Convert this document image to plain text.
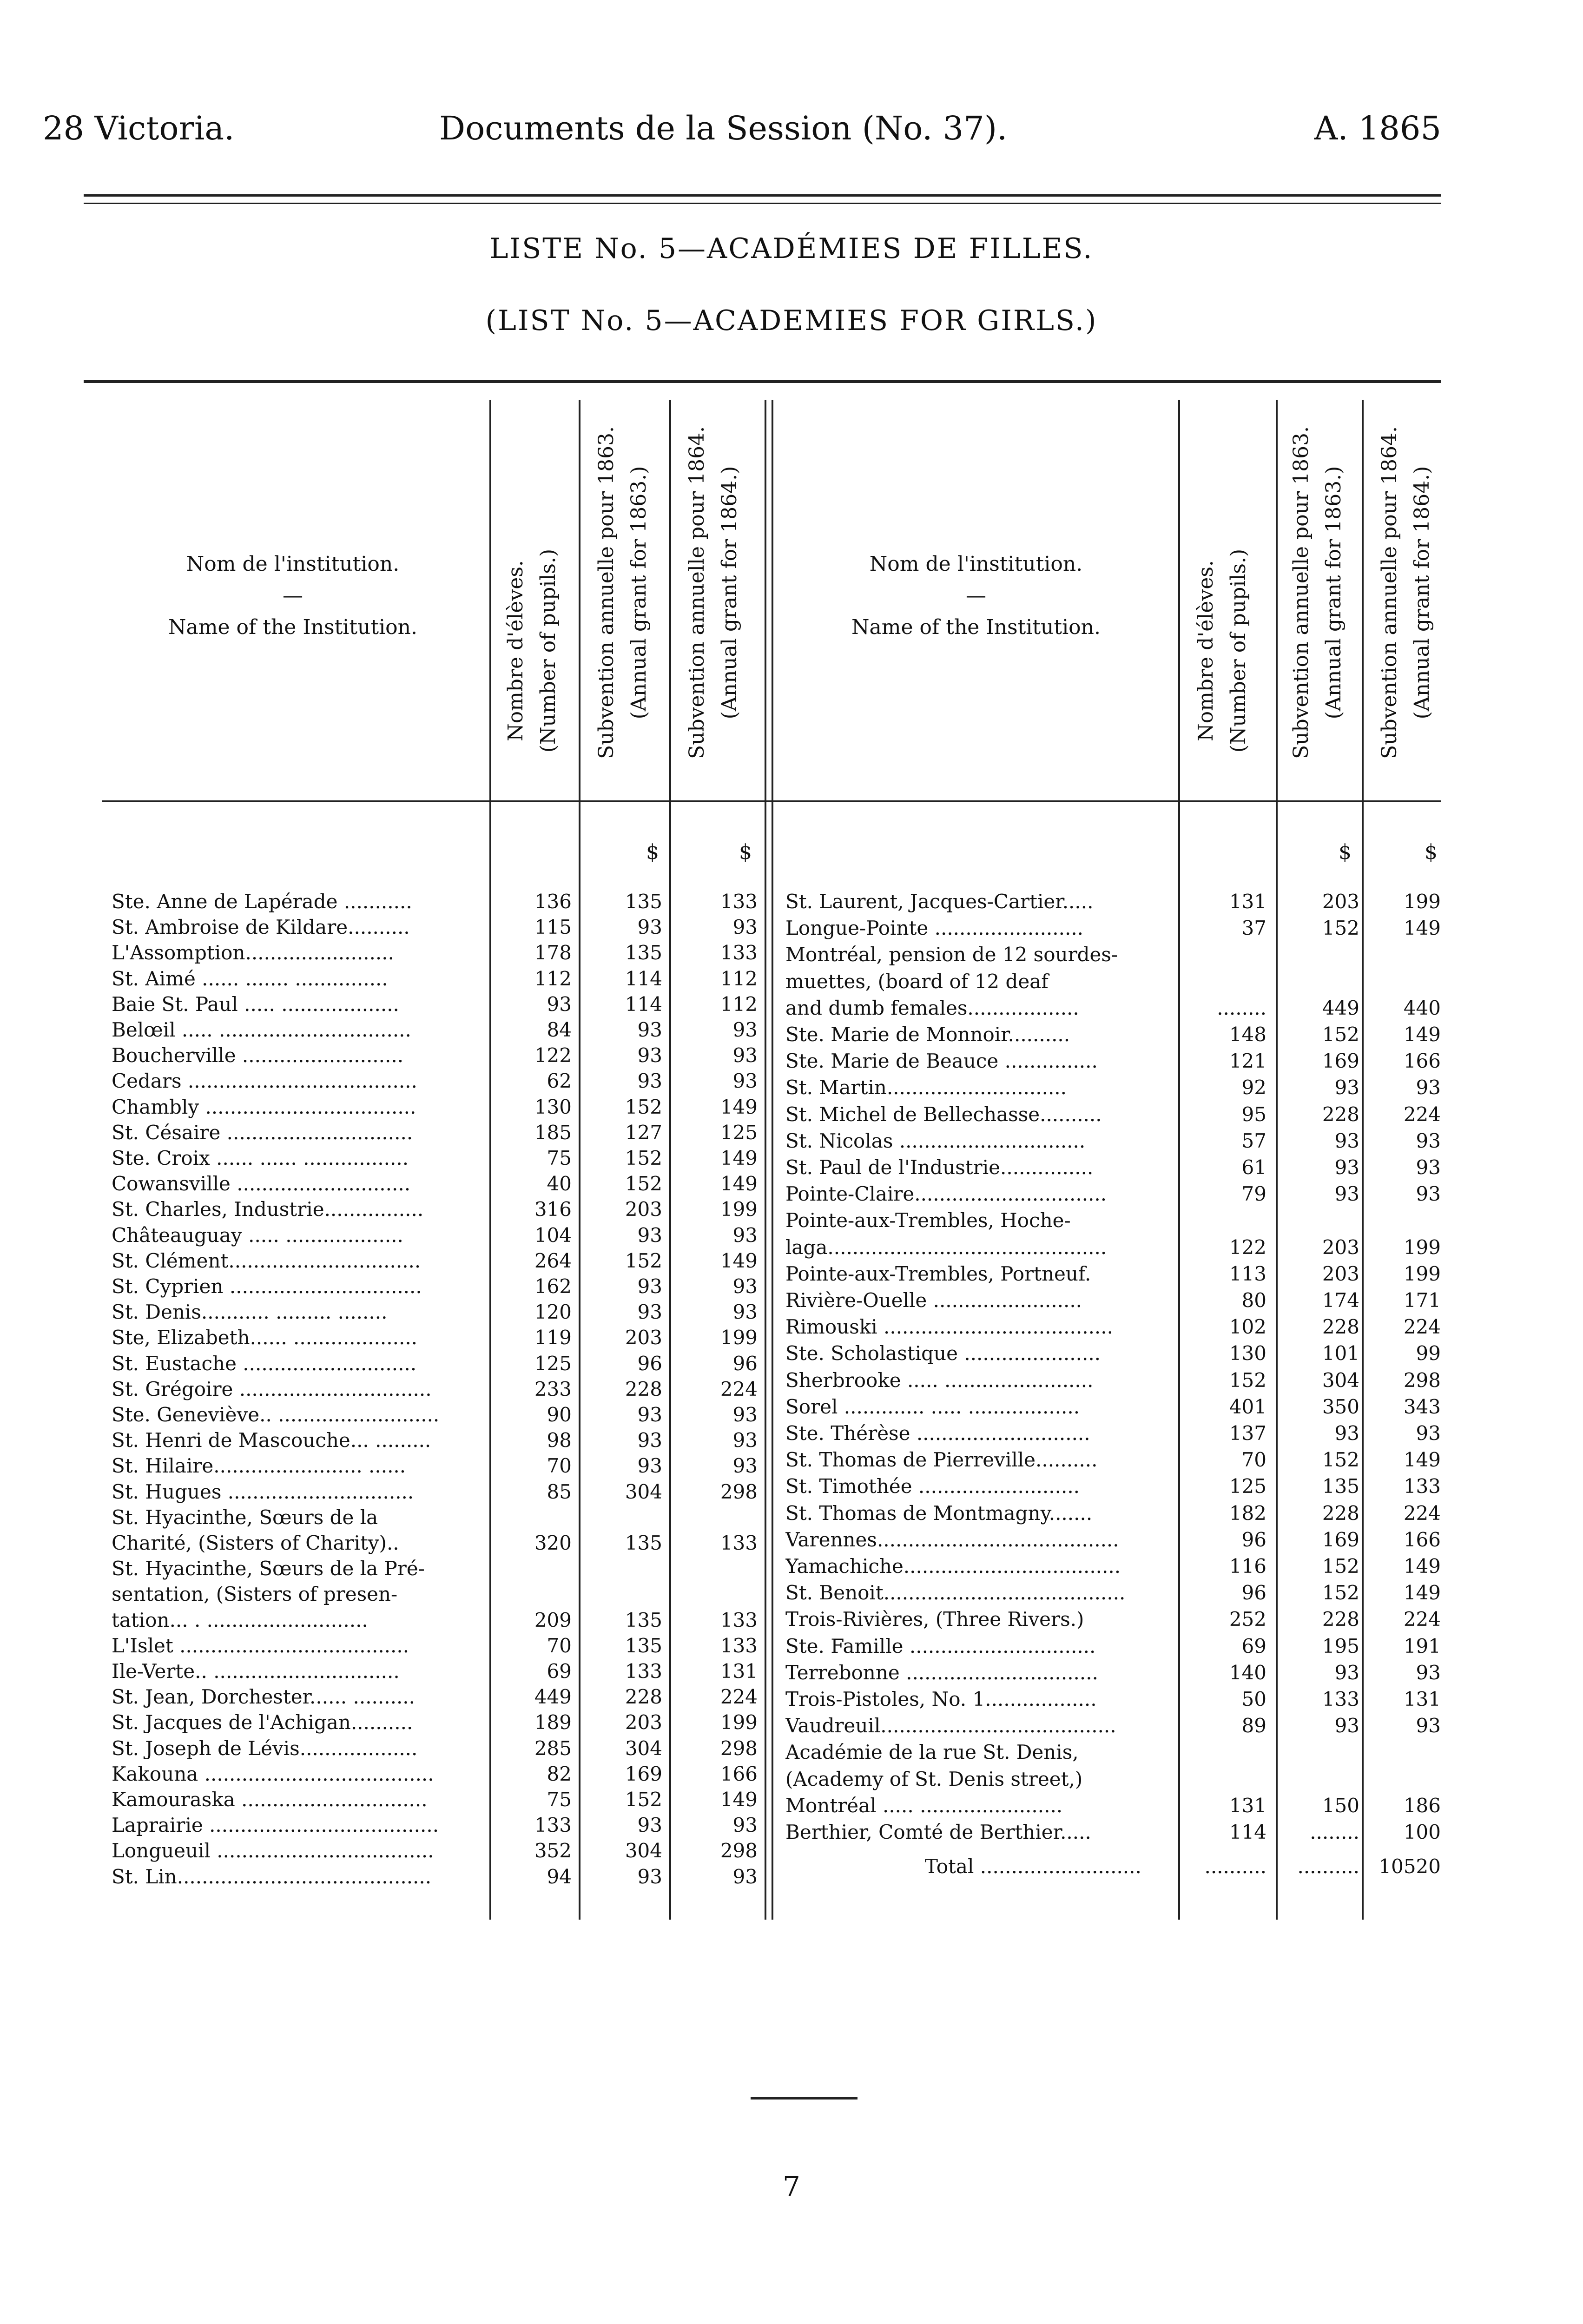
28 Victoria.	Documents de la Session (No. 37).	A. 1865
LISTE No. 5—ACADÉMIES DE FILLES.
(LIST No. 5—ACADEMIES FOR GIRLS.)
Nom de l'institution.
—
Name of the Institution.	Nombre d'élèves. (Number of pupils.) Subvention annuelle pour 1863. (Annual grant for 1863.) Subvention annuelle pour 1864. (Annual grant for 1864.)	Nom de l'institution.
—
Name of the Institution.	Nombre d'élèves. (Number of pupils.) Subvention annuelle pour 1863. (Annual grant for 1863.) Subvention annuelle pour 1864. (Annual grant for 1864.)
$	$	$	$
Ste. Anne de Lapérade ...........	136	135	133
St. Ambroise de Kildare..........	115	93	93
L'Assomption........................	178	135	133
St. Aimé ...... ....... ...............	112	114	112
Baie St. Paul ..... ...................	93	114	112
Belœil ..... ...............................	84	93	93
Boucherville ..........................	122	93	93
Cedars .....................................	62	93	93
Chambly ..................................	130	152	149
St. Césaire ..............................	185	127	125
Ste. Croix ...... ...... .................	75	152	149
Cowansville ............................	40	152	149
St. Charles, Industrie................	316	203	199
Châteauguay ..... ...................	104	93	93
St. Clément...............................	264	152	149
St. Cyprien ...............................	162	93	93
St. Denis........... ......... ........	120	93	93
Ste, Elizabeth...... ....................	119	203	199
St. Eustache ............................	125	96	96
St. Grégoire ...............................	233	228	224
Ste. Geneviève.. ..........................	90	93	93
St. Henri de Mascouche... .........	98	93	93
St. Hilaire........................ ......	70	93	93
St. Hugues ..............................	85	304	298
St. Hyacinthe, Sœurs de la
Charité, (Sisters of Charity)..	320	135	133
St. Hyacinthe, Sœurs de la Pré-
sentation, (Sisters of presen-
tation... . ..........................	209	135	133
L'Islet .....................................	70	135	133
Ile-Verte.. ..............................	69	133	131
St. Jean, Dorchester...... ..........	449	228	224
St. Jacques de l'Achigan..........	189	203	199
St. Joseph de Lévis...................	285	304	298
Kakouna .....................................	82	169	166
Kamouraska ..............................	75	152	149
Laprairie .....................................	133	93	93
Longueuil ...................................	352	304	298
St. Lin.........................................	94	93	93
St. Laurent, Jacques-Cartier.....	131	203	199
Longue-Pointe ........................	37	152	149
Montréal, pension de 12 sourdes-
muettes, (board of 12 deaf
and dumb females..................	........	449	440
Ste. Marie de Monnoir..........	148	152	149
Ste. Marie de Beauce ...............	121	169	166
St. Martin.............................	92	93	93
St. Michel de Bellechasse..........	95	228	224
St. Nicolas ..............................	57	93	93
St. Paul de l'Industrie...............	61	93	93
Pointe-Claire...............................	79	93	93
Pointe-aux-Trembles, Hoche-
laga.............................................	122	203	199
Pointe-aux-Trembles, Portneuf.	113	203	199
Rivière-Ouelle ........................	80	174	171
Rimouski .....................................	102	228	224
Ste. Scholastique ......................	130	101	99
Sherbrooke ..... ........................	152	304	298
Sorel ............. ..... ..................	401	350	343
Ste. Thérèse ............................	137	93	93
St. Thomas de Pierreville..........	70	152	149
St. Timothée ..........................	125	135	133
St. Thomas de Montmagny.......	182	228	224
Varennes.......................................	96	169	166
Yamachiche...................................	116	152	149
St. Benoit.......................................	96	152	149
Trois-Rivières, (Three Rivers.)	252	228	224
Ste. Famille ..............................	69	195	191
Terrebonne ...............................	140	93	93
Trois-Pistoles, No. 1..................	50	133	131
Vaudreuil......................................	89	93	93
Académie de la rue St. Denis,
(Academy of St. Denis street,)
Montréal ..... .......................	131	150	186
Berthier, Comté de Berthier.....	114	........	100
Total ..........................	..........	.......... 10520
7
